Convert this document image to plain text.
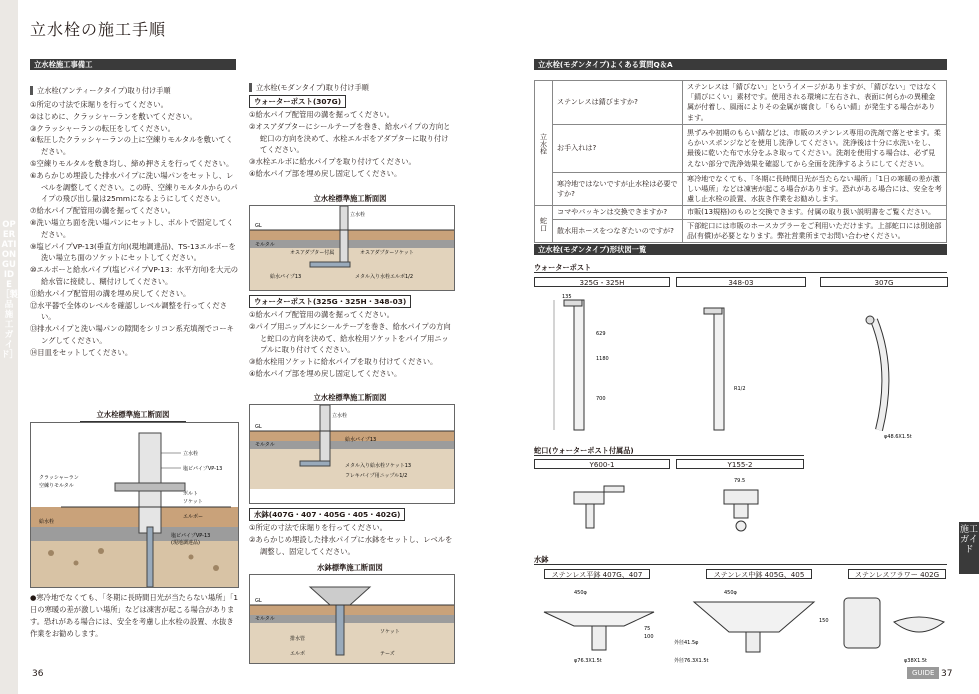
OPERATION GUIDE ［製品施工ガイド］
立水栓の施工手順
立水栓施工事備工
立水栓(アンティークタイプ)取り付け手順
①所定の寸法で床堀りを行ってください。
②はじめに、クラッシャーランを敷いてください。
③クラッシャーランの転圧をしてください。
④転圧したクラッシャーランの上に空練りモルタルを敷いてください。
⑤空練りモルタルを敷き均し、締め押さえを行ってください。
⑥あらかじめ埋設した排水パイプに洗い場パンをセットし、レベルを調整してください。この時、空練りモルタルからのパイプの飛び出し量は25mmになるようにしてください。
⑦給水パイプ配管用の溝を掘ってください。
⑧洗い場立ち面を洗い場パンにセットし、ボルトで固定してください。
⑨塩ビパイプVP-13(垂直方向)(現地調達品)、TS-13エルボーを洗い場立ち面のソケットにセットしてください。
⑩エルボーと給水パイプ(塩ビパイプVP-13：水平方向)を大元の給水管に接続し、糊付けしてください。
⑪給水パイプ配管用の溝を埋め戻してください。
⑫水平器で全体のレベルを確認しレベル調整を行ってください。
⑬排水パイプと洗い場パンの隙間をシリコン系充填剤でコーキングしてください。
⑭目皿をセットしてください。
立水栓標準施工断面図
立水栓
塩ビパイプVP-13
クラッシャーラン
空練りモルタル
ボルト
ソケット
エルボー
塩ビパイプVP-13
(現地調達品)
給水栓
●寒冷地でなくても、「冬期に長時間日光が当たらない場所」「1日の寒暖の差が激しい場所」などは凍害が起こる場合があります。恐れがある場合には、安全を考慮し止水栓の設置、水抜き作業をお勧めします。
36
立水栓(モダンタイプ)取り付け手順
ウォーターポスト(307G)
①給水パイプ配管用の溝を掘ってください。
②オスアダプターにシールテープを巻き、給水パイプの方向と蛇口の方向を決めて、水栓エルボをアダプターに取り付けてください。
③水栓エルボに給水パイプを取り付けてください。
④給水パイプ部を埋め戻し固定してください。
立水栓標準施工断面図
立水栓
GL
モルタル
オスアダプター付属	オスアダプターソケット
給水パイプ13	メタル入り水栓エルボ1/2
ウォーターポスト(325G・325H・348-03)
①給水パイプ配管用の溝を掘ってください。
②パイプ用ニップルにシールテープを巻き、給水パイプの方向と蛇口の方向を決めて、給水栓用ソケットをパイプ用ニップルに取り付けてください。
③給水栓用ソケットに給水パイプを取り付けてください。
④給水パイプ部を埋め戻し固定してください。
立水栓標準施工断面図
立水栓
GL
モルタル
給水パイプ13
メタル入り給水栓ソケット13
フレキパイプ用ニップル1/2
水鉢(407G・407・405G・405・402G)
①所定の寸法で床堀りを行ってください。
②あらかじめ埋設した排水パイプに水鉢をセットし、レベルを調整し、固定してください。
水鉢標準施工断面図
GL
モルタル
排水管
エルボ
ソケット
テーズ
立水栓(モダンタイプ)よくある質問Q＆A
立水栓	ステンレスは錆びますか?	ステンレスは「錆びない」というイメージがありますが、「錆びない」ではなく「錆びにくい」素材です。使用される環境に左右され、表面に何らかの異種金属が付着し、風雨によりその金属が腐食し「もらい錆」が発生する場合があります。
	お手入れは?	黒ずみや初期のもらい錆などは、市販のステンレス専用の洗剤で落とせます。柔らかいスポンジなどを使用し洗浄してください。洗浄後は十分に水洗いをし、最後に乾いた布で水分をふき取ってください。洗剤を使用する場合は、必ず見えない部分で洗浄効果を確認してから全面を洗浄するようにしてください。
	寒冷地ではないですが止水栓は必要ですか?	寒冷地でなくても、「冬期に長時間日光が当たらない場所」「1日の寒暖の差が激しい場所」などは凍害が起こる場合があります。恐れがある場合には、安全を考慮し止水栓の設置、水抜き作業をお勧めします。
蛇口	コマやパッキンは交換できますか?	市販(13規格)のものと交換できます。付属の取り扱い説明書をご覧ください。
	散水用ホースをつなぎたいのですが?	下部蛇口には市販のホースカプラーをご利用いただけます。上部蛇口には別途部品(有償)が必要となります。弊社営業所までお問い合わせください。
立水栓(モダンタイプ)形状図一覧
ウォーターポスト
325G・325H	348-03	307G
135
1180
629
700
R1/2
φ48.6X1.5t
蛇口(ウォーターポスト付属品)
Y600-1	Y155-2
79.5
水鉢
ステンレス平鉢 407G、407	ステンレス中鉢 405G、405	ステンレスフラワー 402G
450φ
φ76.3X1.5t
100
75
450φ
外径41.5φ
外径76.3X1.5t
150
φ38X1.5t
施工ガイド
GUIDE 37
